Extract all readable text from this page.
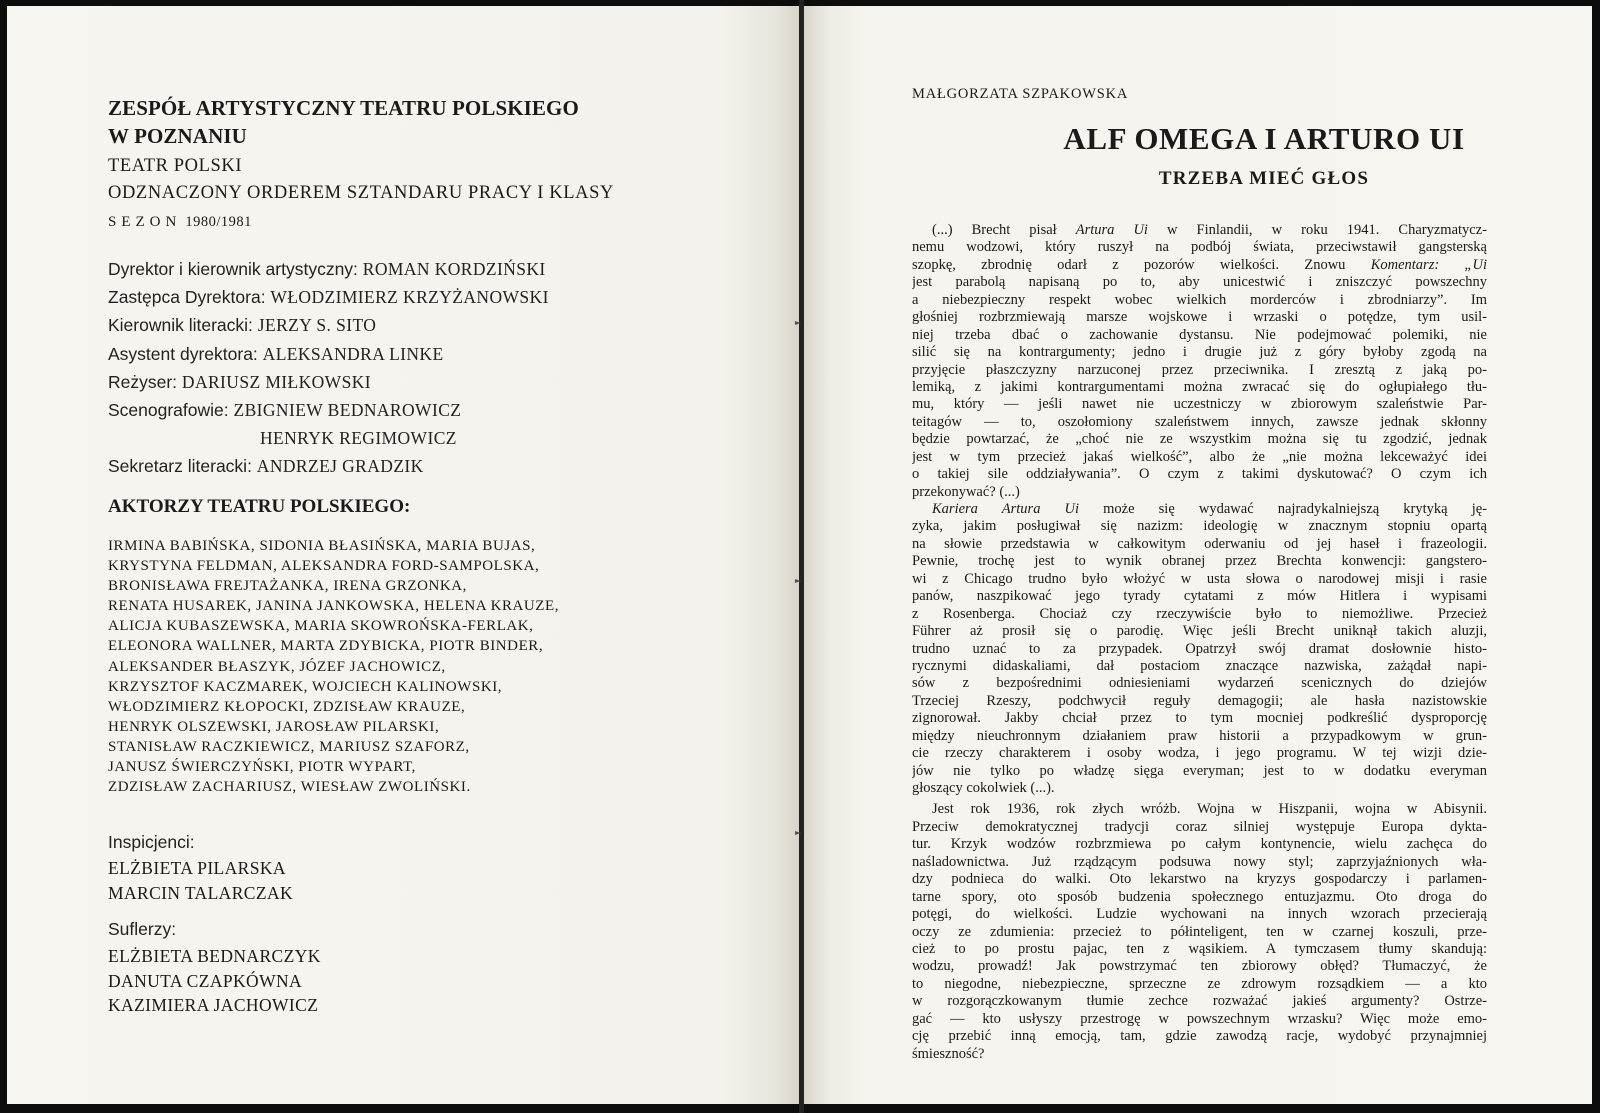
ZESPÓŁ ARTYSTYCZNY TEATRU POLSKIEGO
W POZNANIU

TEATR POLSKI

ODZNACZONY ORDEREM SZTANDARU PRACY I KLASY

SEZON 1980/1981
Dyrektor i kierownik artystyczny: ROMAN KORDZIŃSKI
Zastępca Dyrektora: WŁODZIMIERZ KRZYŻANOWSKI
Kierownik literacki: JERZY S. SITO
Asystent dyrektora: ALEKSANDRA LINKE
Reżyser: DARIUSZ MIŁKOWSKI
Scenografowie: ZBIGNIEW BEDNAROWICZ
HENRYK REGIMOWICZ
Sekretarz literacki: ANDRZEJ GRADZIK
AKTORZY TEATRU POLSKIEGO:
IRMINA BABIŃSKA, SIDONIA BŁASIŃSKA, MARIA BUJAS,
KRYSTYNA FELDMAN, ALEKSANDRA FORD-SAMPOLSKA,
BRONISŁAWA FREJTAŻANKA, IRENA GRZONKA,
RENATA HUSAREK, JANINA JANKOWSKA, HELENA KRAUZE,
ALICJA KUBASZEWSKA, MARIA SKOWROŃSKA-FERLAK,
ELEONORA WALLNER, MARTA ZDYBICKA, PIOTR BINDER,
ALEKSANDER BŁASZYK, JÓZEF JACHOWICZ,
KRZYSZTOF KACZMAREK, WOJCIECH KALINOWSKI,
WŁODZIMIERZ KŁOPOCKI, ZDZISŁAW KRAUZE,
HENRYK OLSZEWSKI, JAROSŁAW PILARSKI,
STANISŁAW RACZKIEWICZ, MARIUSZ SZAFORZ,
JANUSZ ŚWIERCZYŃSKI, PIOTR WYPART,
ZDZISŁAW ZACHARIUSZ, WIESŁAW ZWOLIŃSKI.
Inspicjenci:
ELŻBIETA PILARSKA
MARCIN TALARCZAK
Suflerzy:
ELŻBIETA BEDNARCZYK
DANUTA CZAPKÓWNA
KAZIMIERA JACHOWICZ
MAŁGORZATA SZPAKOWSKA
ALF OMEGA I ARTURO UI
TRZEBA MIEĆ GŁOS
(...) Brecht pisał Artura Ui w Finlandii, w roku 1941. Charyzmatycz-
nemu wodzowi, który ruszył na podbój świata, przeciwstawił gangsterską
szopkę, zbrodnię odarł z pozorów wielkości. Znowu Komentarz: „Ui
jest parabolą napisaną po to, aby unicestwić i zniszczyć powszechny
a niebezpieczny respekt wobec wielkich morderców i zbrodniarzy”. Im
głośniej rozbrzmiewają marsze wojskowe i wrzaski o potędze, tym usil-
niej trzeba dbać o zachowanie dystansu. Nie podejmować polemiki, nie
silić się na kontrargumenty; jedno i drugie już z góry byłoby zgodą na
przyjęcie płaszczyzny narzuconej przez przeciwnika. I zresztą z jaką po-
lemiką, z jakimi kontrargumentami można zwracać się do ogłupiałego tłu-
mu, który — jeśli nawet nie uczestniczy w zbiorowym szaleństwie Par-
teitagów — to, oszołomiony szaleństwem innych, zawsze jednak skłonny
będzie powtarzać, że „choć nie ze wszystkim można się tu zgodzić, jednak
jest w tym przecież jakaś wielkość”, albo że „nie można lekceważyć idei
o takiej sile oddziaływania”. O czym z takimi dyskutować? O czym ich
przekonywać? (...)
Kariera Artura Ui może się wydawać najradykalniejszą krytyką ję-
zyka, jakim posługiwał się nazizm: ideologię w znacznym stopniu opartą
na słowie przedstawia w całkowitym oderwaniu od jej haseł i frazeologii.
Pewnie, trochę jest to wynik obranej przez Brechta konwencji: gangstero-
wi z Chicago trudno było włożyć w usta słowa o narodowej misji i rasie
panów, naszpikować jego tyrady cytatami z mów Hitlera i wypisami
z Rosenberga. Chociaż czy rzeczywiście było to niemożliwe. Przecież
Führer aż prosił się o parodię. Więc jeśli Brecht uniknął takich aluzji,
trudno uznać to za przypadek. Opatrzył swój dramat dosłownie histo-
rycznymi didaskaliami, dał postaciom znaczące nazwiska, zażądał napi-
sów z bezpośrednimi odniesieniami wydarzeń scenicznych do dziejów
Trzeciej Rzeszy, podchwycił reguły demagogii; ale hasła nazistowskie
zignorował. Jakby chciał przez to tym mocniej podkreślić dysproporcję
między nieuchronnym działaniem praw historii a przypadkowym w grun-
cie rzeczy charakterem i osoby wodza, i jego programu. W tej wizji dzie-
jów nie tylko po władzę sięga everyman; jest to w dodatku everyman
głoszący cokolwiek (...).
Jest rok 1936, rok złych wróżb. Wojna w Hiszpanii, wojna w Abisynii.
Przeciw demokratycznej tradycji coraz silniej występuje Europa dykta-
tur. Krzyk wodzów rozbrzmiewa po całym kontynencie, wielu zachęca do
naśladownictwa. Już rządzącym podsuwa nowy styl; zaprzyjaźnionych wła-
dzy podnieca do walki. Oto lekarstwo na kryzys gospodarczy i parlamen-
tarne spory, oto sposób budzenia społecznego entuzjazmu. Oto droga do
potęgi, do wielkości. Ludzie wychowani na innych wzorach przecierają
oczy ze zdumienia: przecież to półinteligent, ten w czarnej koszuli, prze-
cież to po prostu pajac, ten z wąsikiem. A tymczasem tłumy skandują:
wodzu, prowadź! Jak powstrzymać ten zbiorowy obłęd? Tłumaczyć, że
to niegodne, niebezpieczne, sprzeczne ze zdrowym rozsądkiem — a kto
w rozgorączkowanym tłumie zechce rozważać jakieś argumenty? Ostrze-
gać — kto usłyszy przestrogę w powszechnym wrzasku? Więc może emo-
cję przebić inną emocją, tam, gdzie zawodzą racje, wydobyć przynajmniej
śmieszność?
